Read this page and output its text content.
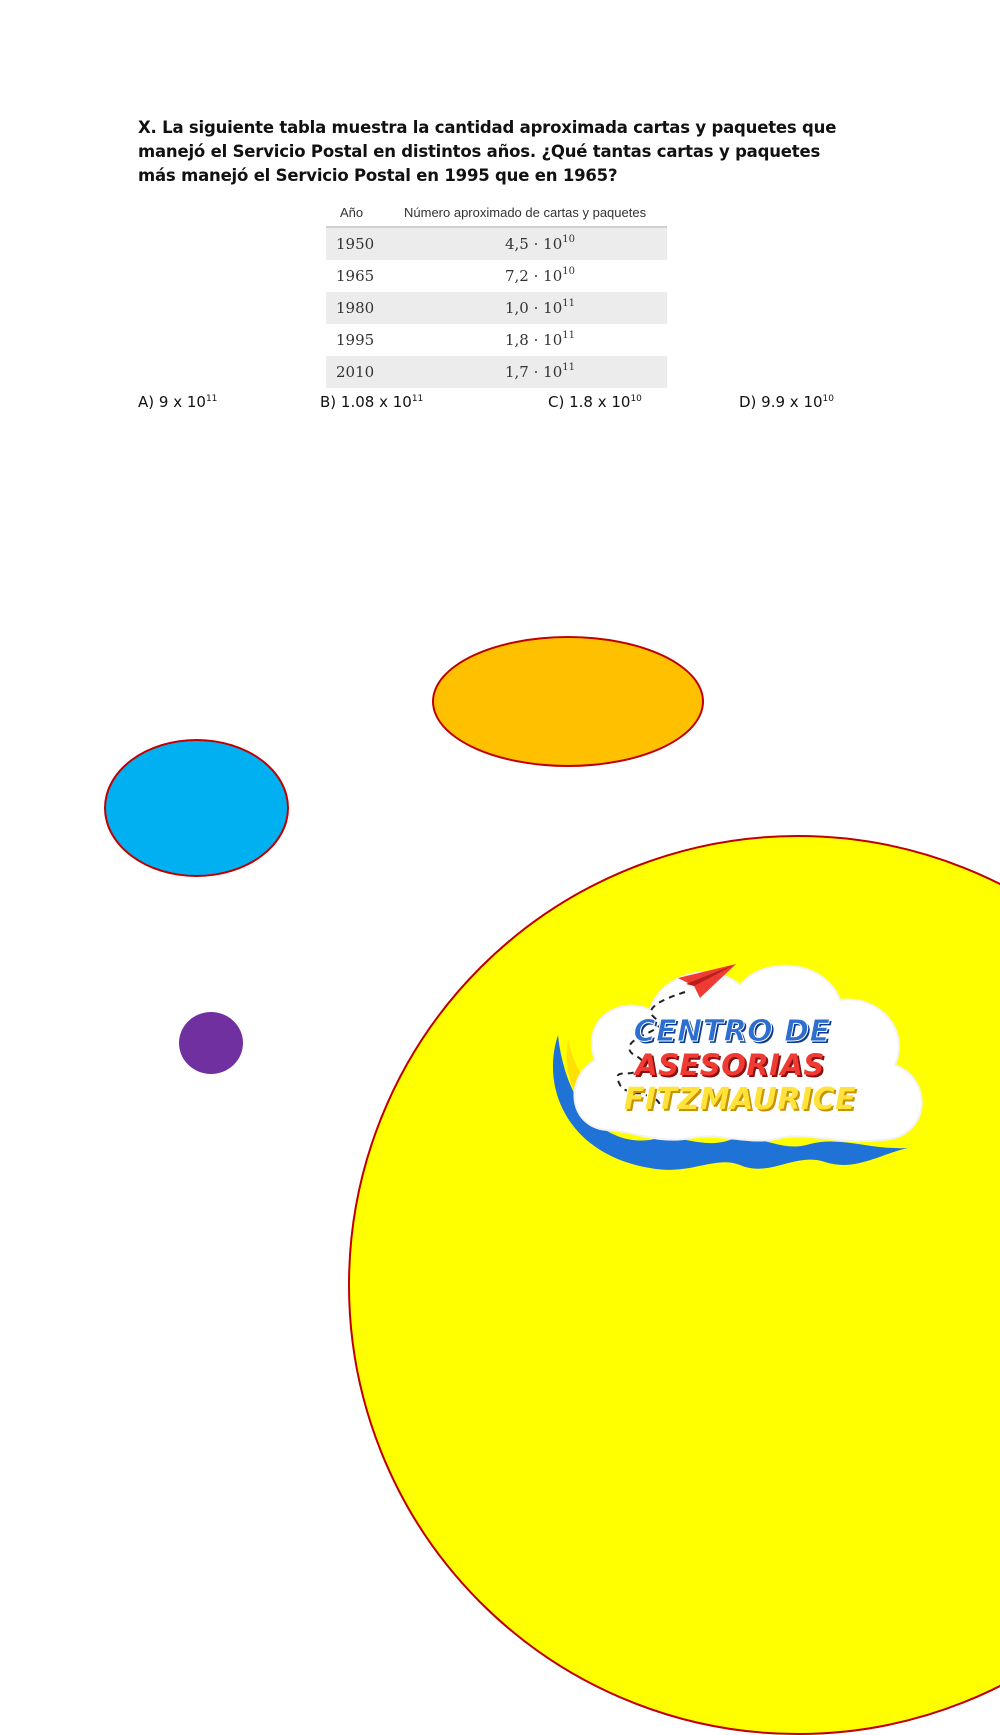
X. La siguiente tabla muestra la cantidad aproximada cartas y paquetes que manejó el Servicio Postal en distintos años. ¿Qué tantas cartas y paquetes más manejó el Servicio Postal en 1995 que en 1965?
Año	Número aproximado de cartas y paquetes
1950	$4,5 \cdot 10^{10}$
1965	$7,2 \cdot 10^{10}$
1980	$1,0 \cdot 10^{11}$
1995	$1,8 \cdot 10^{11}$
2010	$1,7 \cdot 10^{11}$
A) 9 x $10^{11}$	B) 1.08 x $10^{11}$	C) 1.8 x $10^{10}$	D) 9.9 x $10^{10}$
CENTRO DE
ASESORIAS
FITZMAURICE
